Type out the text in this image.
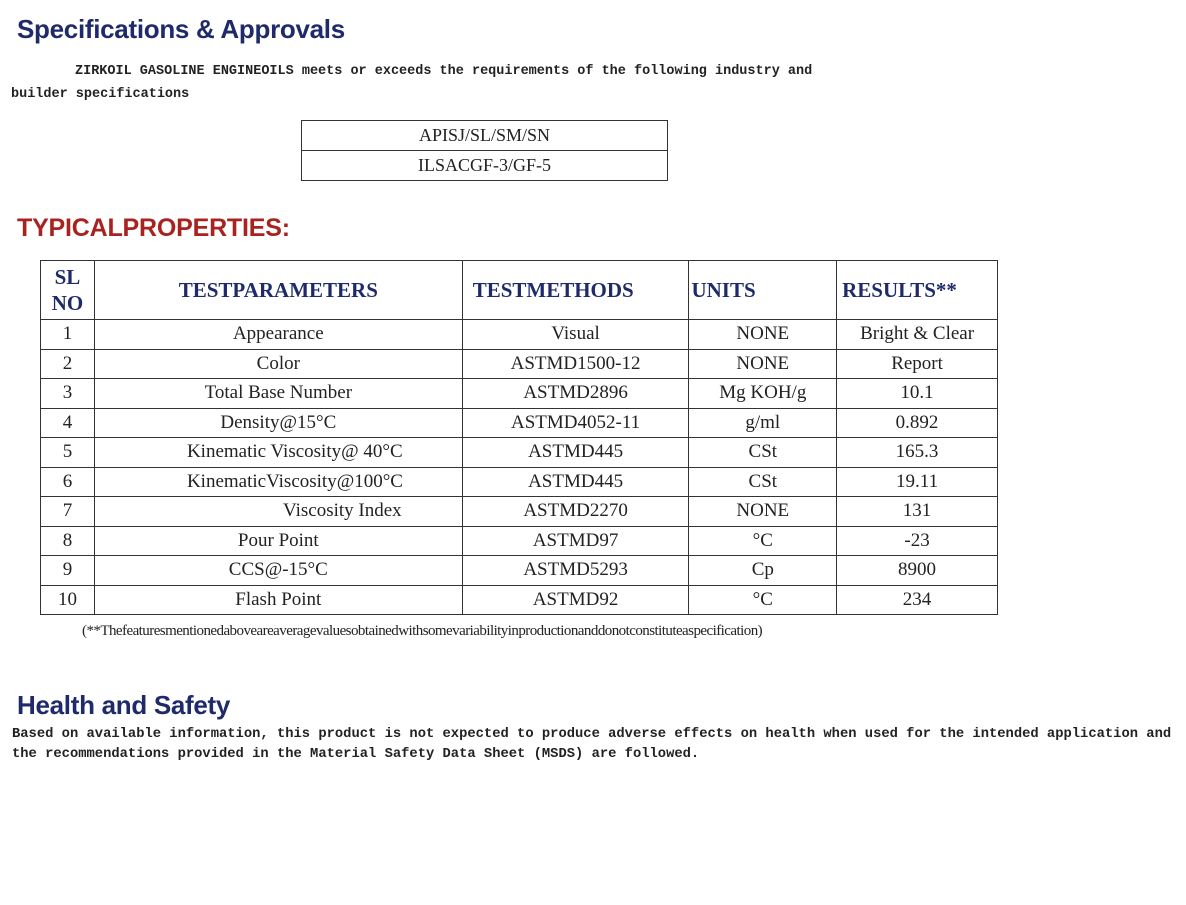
Specifications & Approvals
ZIRKOIL GASOLINE ENGINEOILS meets or exceeds the requirements of the following industry and
builder specifications
APISJ/SL/SM/SN
ILSACGF-3/GF-5
TYPICALPROPERTIES:
SL
NO	TESTPARAMETERS	TESTMETHODS	UNITS	RESULTS**
1	Appearance	Visual	NONE	Bright & Clear
2	Color	ASTMD1500-12	NONE	Report
3	Total Base Number	ASTMD2896	Mg KOH/g	10.1
4	Density@15°C	ASTMD4052-11	g/ml	0.892
5	Kinematic Viscosity@ 40°C	ASTMD445	CSt	165.3
6	KinematicViscosity@100°C	ASTMD445	CSt	19.11
7	Viscosity Index	ASTMD2270	NONE	131
8	Pour Point	ASTMD97	°C	-23
9	CCS@-15°C	ASTMD5293	Cp	8900
10	Flash Point	ASTMD92	°C	234
(**Thefeaturesmentionedaboveareaveragevaluesobtainedwithsomevariabilityinproductionanddonotconstituteaspecification)
Health and Safety
Based on available information, this product is not expected to produce adverse effects on health when used for the intended application and the recommendations provided in the Material Safety Data Sheet (MSDS) are followed.
